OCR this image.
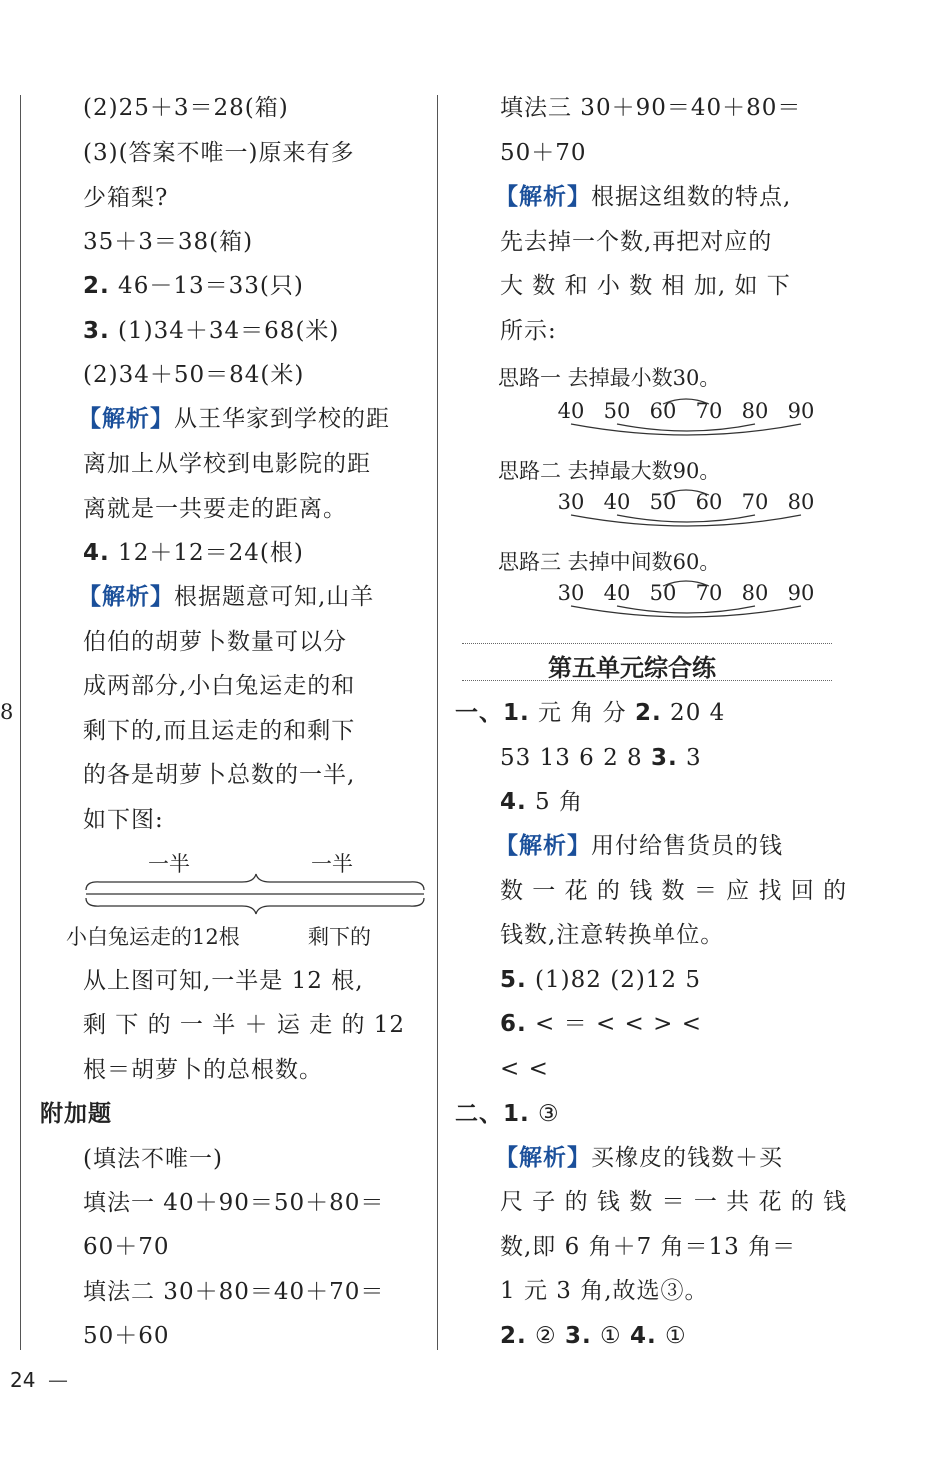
8
(2)25＋3＝28(箱)
(3)(答案不唯一)原来有多
少箱梨?
35＋3＝38(箱)
2. 46－13＝33(只)
3. (1)34＋34＝68(米)
(2)34＋50＝84(米)
【解析】从王华家到学校的距
离加上从学校到电影院的距
离就是一共要走的距离。
4. 12＋12＝24(根)
【解析】根据题意可知,山羊
伯伯的胡萝卜数量可以分
成两部分,小白兔运走的和
剩下的,而且运走的和剩下
的各是胡萝卜总数的一半,
如下图:
一半	一半
小白兔运走的12根	剩下的
从上图可知,一半是 12 根,
剩 下 的 一 半 ＋ 运 走 的 12
根＝胡萝卜的总根数。
附加题
(填法不唯一)
填法一 40＋90＝50＋80＝
60＋70
填法二 30＋80＝40＋70＝
50＋60
填法三 30＋90＝40＋80＝
50＋70
【解析】根据这组数的特点,
先去掉一个数,再把对应的
大 数 和 小 数 相 加, 如 下
所示:
思路一 去掉最小数30。
40 50 60 70 80 90
思路二 去掉最大数90。
30 40 50 60 70 80
思路三 去掉中间数60。
30 40 50 70 80 90
第五单元综合练
一、1. 元 角 分 2. 20 4
53 13 6 2 8 3. 3
4. 5 角
【解析】用付给售货员的钱
数 一 花 的 钱 数 ＝ 应 找 回 的
钱数,注意转换单位。
5. (1)82 (2)12 5
6. < ＝ < < > <
< <
二、1. ③
【解析】买橡皮的钱数＋买
尺 子 的 钱 数 ＝ 一 共 花 的 钱
数,即 6 角＋7 角＝13 角＝
1 元 3 角,故选③。
2. ② 3. ① 4. ①
24 —
